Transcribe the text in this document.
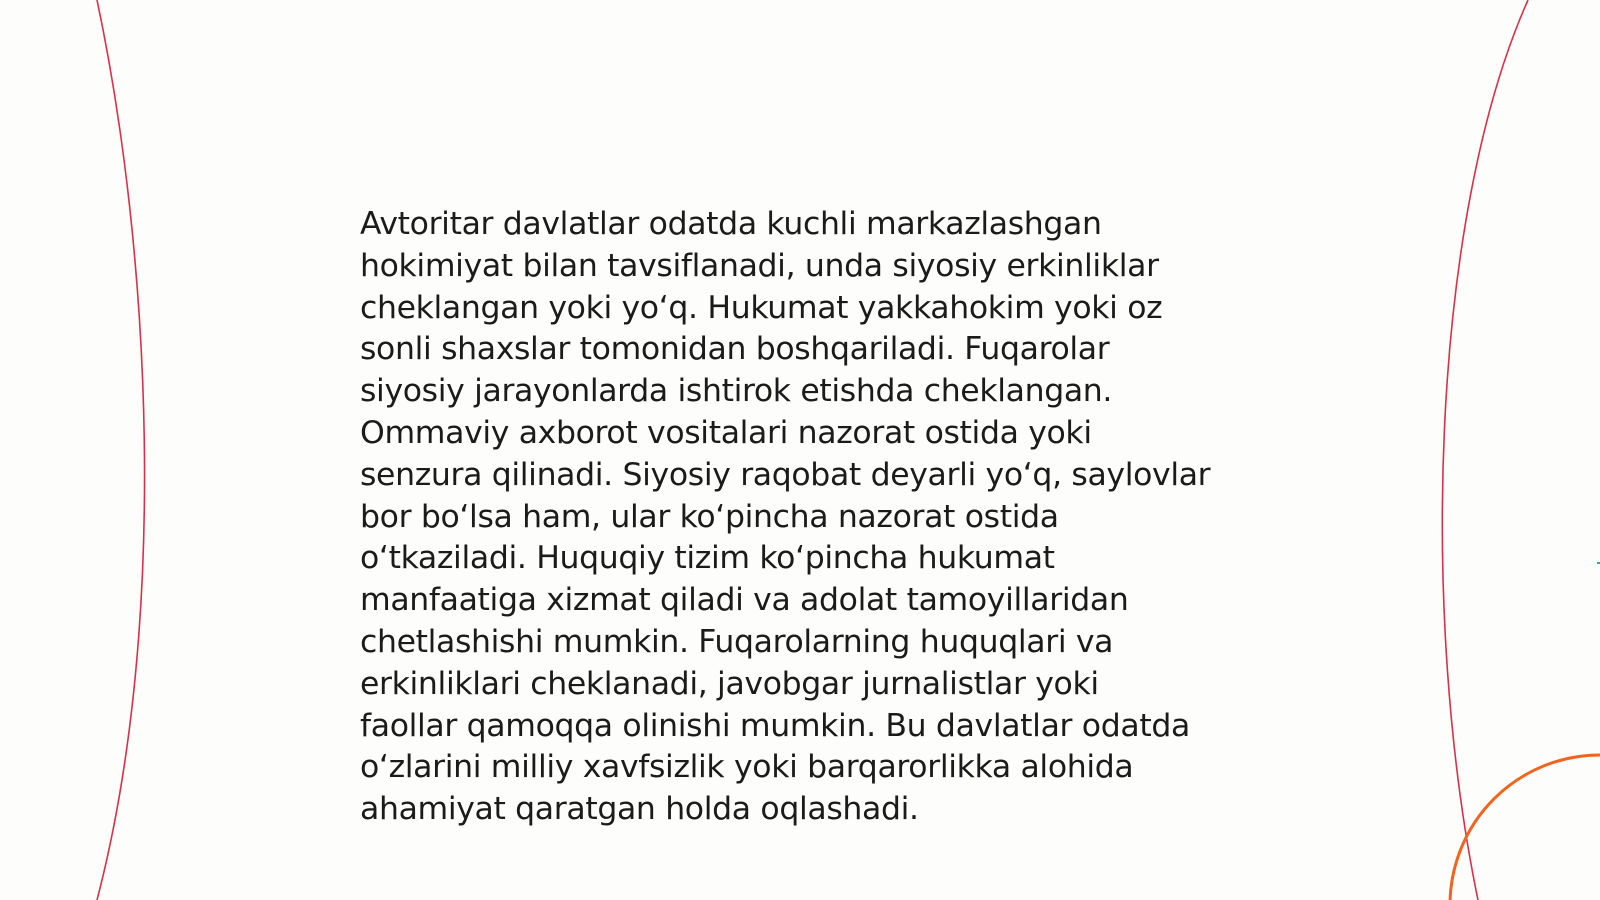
Avtoritar davlatlar odatda kuchli markazlashgan
hokimiyat bilan tavsiflanadi, unda siyosiy erkinliklar
cheklangan yoki yo‘q. Hukumat yakkahokim yoki oz
sonli shaxslar tomonidan boshqariladi. Fuqarolar
siyosiy jarayonlarda ishtirok etishda cheklangan.
Ommaviy axborot vositalari nazorat ostida yoki
senzura qilinadi. Siyosiy raqobat deyarli yo‘q, saylovlar
bor bo‘lsa ham, ular ko‘pincha nazorat ostida
o‘tkaziladi. Huquqiy tizim ko‘pincha hukumat
manfaatiga xizmat qiladi va adolat tamoyillaridan
chetlashishi mumkin. Fuqarolarning huquqlari va
erkinliklari cheklanadi, javobgar jurnalistlar yoki
faollar qamoqqa olinishi mumkin. Bu davlatlar odatda
o‘zlarini milliy xavfsizlik yoki barqarorlikka alohida
ahamiyat qaratgan holda oqlashadi.
